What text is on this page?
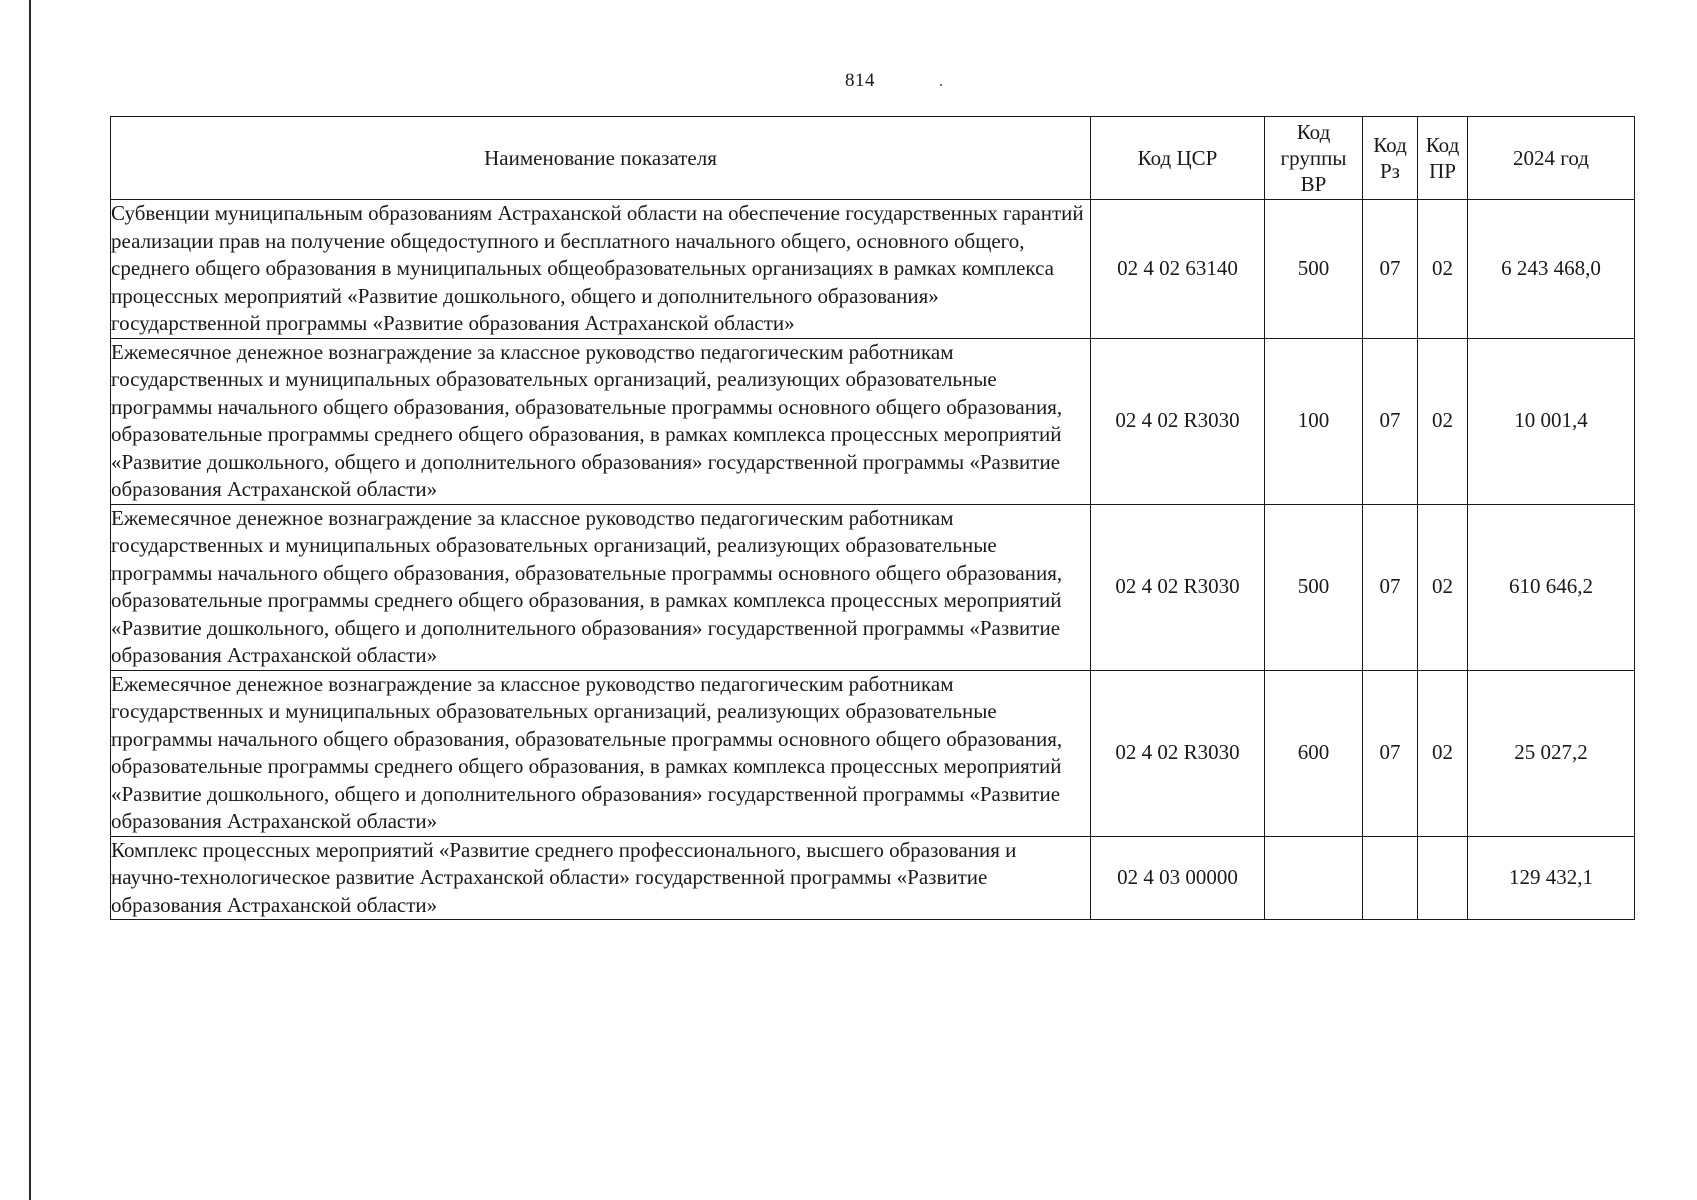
814
Наименование показателя	Код ЦСР	Код группы ВР	Код Рз	Код ПР	2024 год
Субвенции муниципальным образованиям Астраханской области на обеспечение государственных гарантий реализации прав на получение общедоступного и бесплатного начального общего, основного общего, среднего общего образования в муниципальных общеобразовательных организациях в рамках комплекса процессных мероприятий «Развитие дошкольного, общего и дополнительного образования» государственной программы «Развитие образования Астраханской области»	02 4 02 63140	500	07	02	6 243 468,0
Ежемесячное денежное вознаграждение за классное руководство педагогическим работникам государственных и муниципальных образовательных организаций, реализующих образовательные программы начального общего образования, образовательные программы основного общего образования, образовательные программы среднего общего образования, в рамках комплекса процессных мероприятий «Развитие дошкольного, общего и дополнительного образования» государственной программы «Развитие образования Астраханской области»	02 4 02 R3030	100	07	02	10 001,4
Ежемесячное денежное вознаграждение за классное руководство педагогическим работникам государственных и муниципальных образовательных организаций, реализующих образовательные программы начального общего образования, образовательные программы основного общего образования, образовательные программы среднего общего образования, в рамках комплекса процессных мероприятий «Развитие дошкольного, общего и дополнительного образования» государственной программы «Развитие образования Астраханской области»	02 4 02 R3030	500	07	02	610 646,2
Ежемесячное денежное вознаграждение за классное руководство педагогическим работникам государственных и муниципальных образовательных организаций, реализующих образовательные программы начального общего образования, образовательные программы основного общего образования, образовательные программы среднего общего образования, в рамках комплекса процессных мероприятий «Развитие дошкольного, общего и дополнительного образования» государственной программы «Развитие образования Астраханской области»	02 4 02 R3030	600	07	02	25 027,2
Комплекс процессных мероприятий «Развитие среднего профессионального, высшего образования и научно-технологическое развитие Астраханской области» государственной программы «Развитие образования Астраханской области»	02 4 03 00000				129 432,1
